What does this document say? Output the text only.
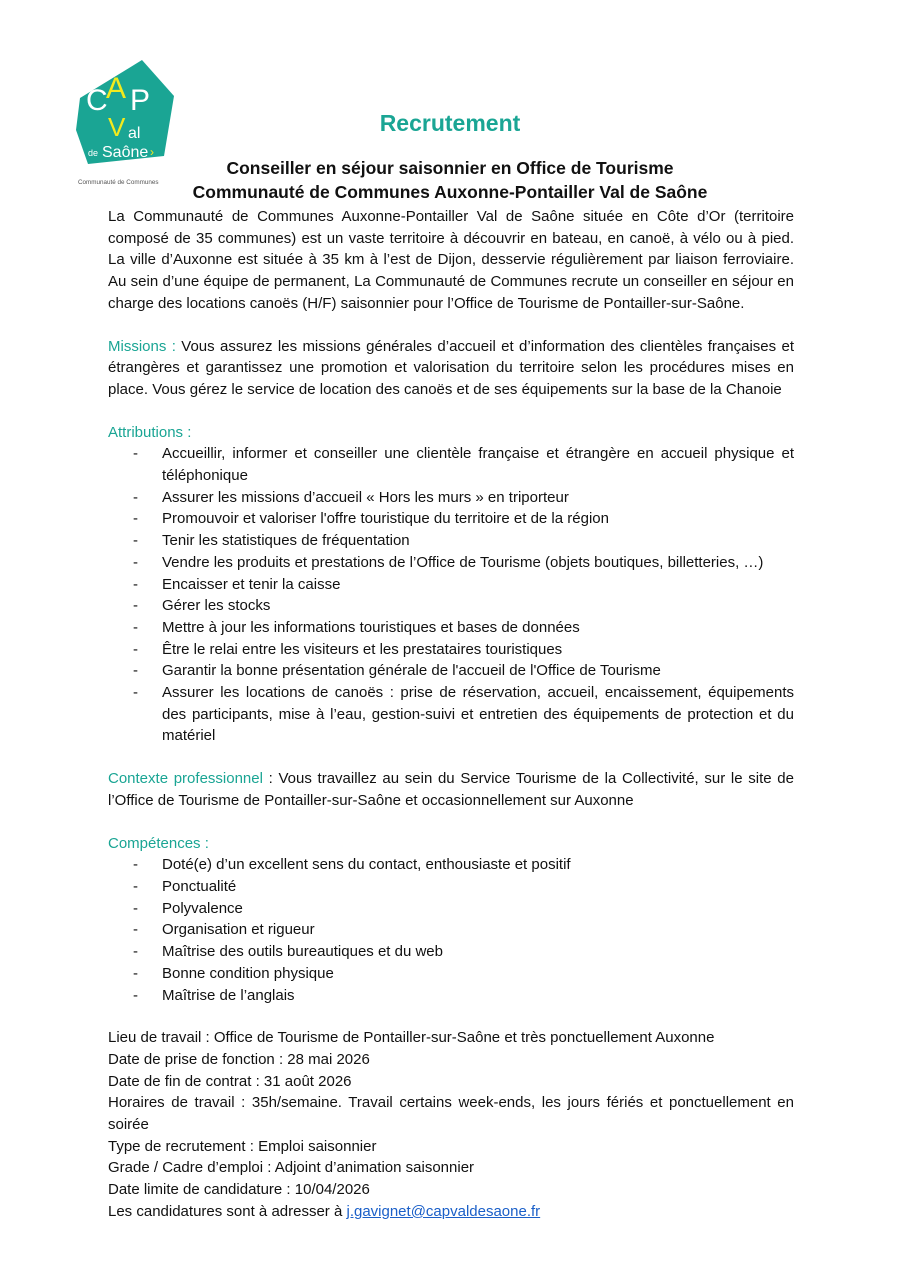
C
A P
V al
de Saône ›
Communauté de Communes
Recrutement
Conseiller en séjour saisonnier en Office de Tourisme
Communauté de Communes Auxonne-Pontailler Val de Saône

La Communauté de Communes Auxonne-Pontailler Val de Saône située en Côte d’Or (territoire composé de 35 communes) est un vaste territoire à découvrir en bateau, en canoë, à vélo ou à pied. La ville d’Auxonne est située à 35 km à l’est de Dijon, desservie régulièrement par liaison ferroviaire. Au sein d’une équipe de permanent, La Communauté de Communes recrute un conseiller en séjour en charge des locations canoës (H/F) saisonnier pour l’Office de Tourisme de Pontailler-sur-Saône.

Missions : Vous assurez les missions générales d’accueil et d’information des clientèles françaises et étrangères et garantissez une promotion et valorisation du territoire selon les procédures mises en place. Vous gérez le service de location des canoës et de ses équipements sur la base de la Chanoie

Attributions :

- Accueillir, informer et conseiller une clientèle française et étrangère en accueil physique et téléphonique
- Assurer les missions d’accueil « Hors les murs » en triporteur
- Promouvoir et valoriser l'offre touristique du territoire et de la région
- Tenir les statistiques de fréquentation
- Vendre les produits et prestations de l’Office de Tourisme (objets boutiques, billetteries, …)
- Encaisser et tenir la caisse
- Gérer les stocks
- Mettre à jour les informations touristiques et bases de données
- Être le relai entre les visiteurs et les prestataires touristiques
- Garantir la bonne présentation générale de l'accueil de l'Office de Tourisme
- Assurer les locations de canoës : prise de réservation, accueil, encaissement, équipements des participants, mise à l’eau, gestion-suivi et entretien des équipements de protection et du matériel

Contexte professionnel : Vous travaillez au sein du Service Tourisme de la Collectivité, sur le site de l’Office de Tourisme de Pontailler-sur-Saône et occasionnellement sur Auxonne

Compétences :

- Doté(e) d’un excellent sens du contact, enthousiaste et positif
- Ponctualité
- Polyvalence
- Organisation et rigueur
- Maîtrise des outils bureautiques et du web
- Bonne condition physique
- Maîtrise de l’anglais

Lieu de travail : Office de Tourisme de Pontailler-sur-Saône et très ponctuellement Auxonne

Date de prise de fonction : 28 mai 2026

Date de fin de contrat : 31 août 2026

Horaires de travail : 35h/semaine. Travail certains week-ends, les jours fériés et ponctuellement en soirée

Type de recrutement : Emploi saisonnier

Grade / Cadre d’emploi : Adjoint d’animation saisonnier

Date limite de candidature : 10/04/2026

Les candidatures sont à adresser à j.gavignet@capvaldesaone.fr
